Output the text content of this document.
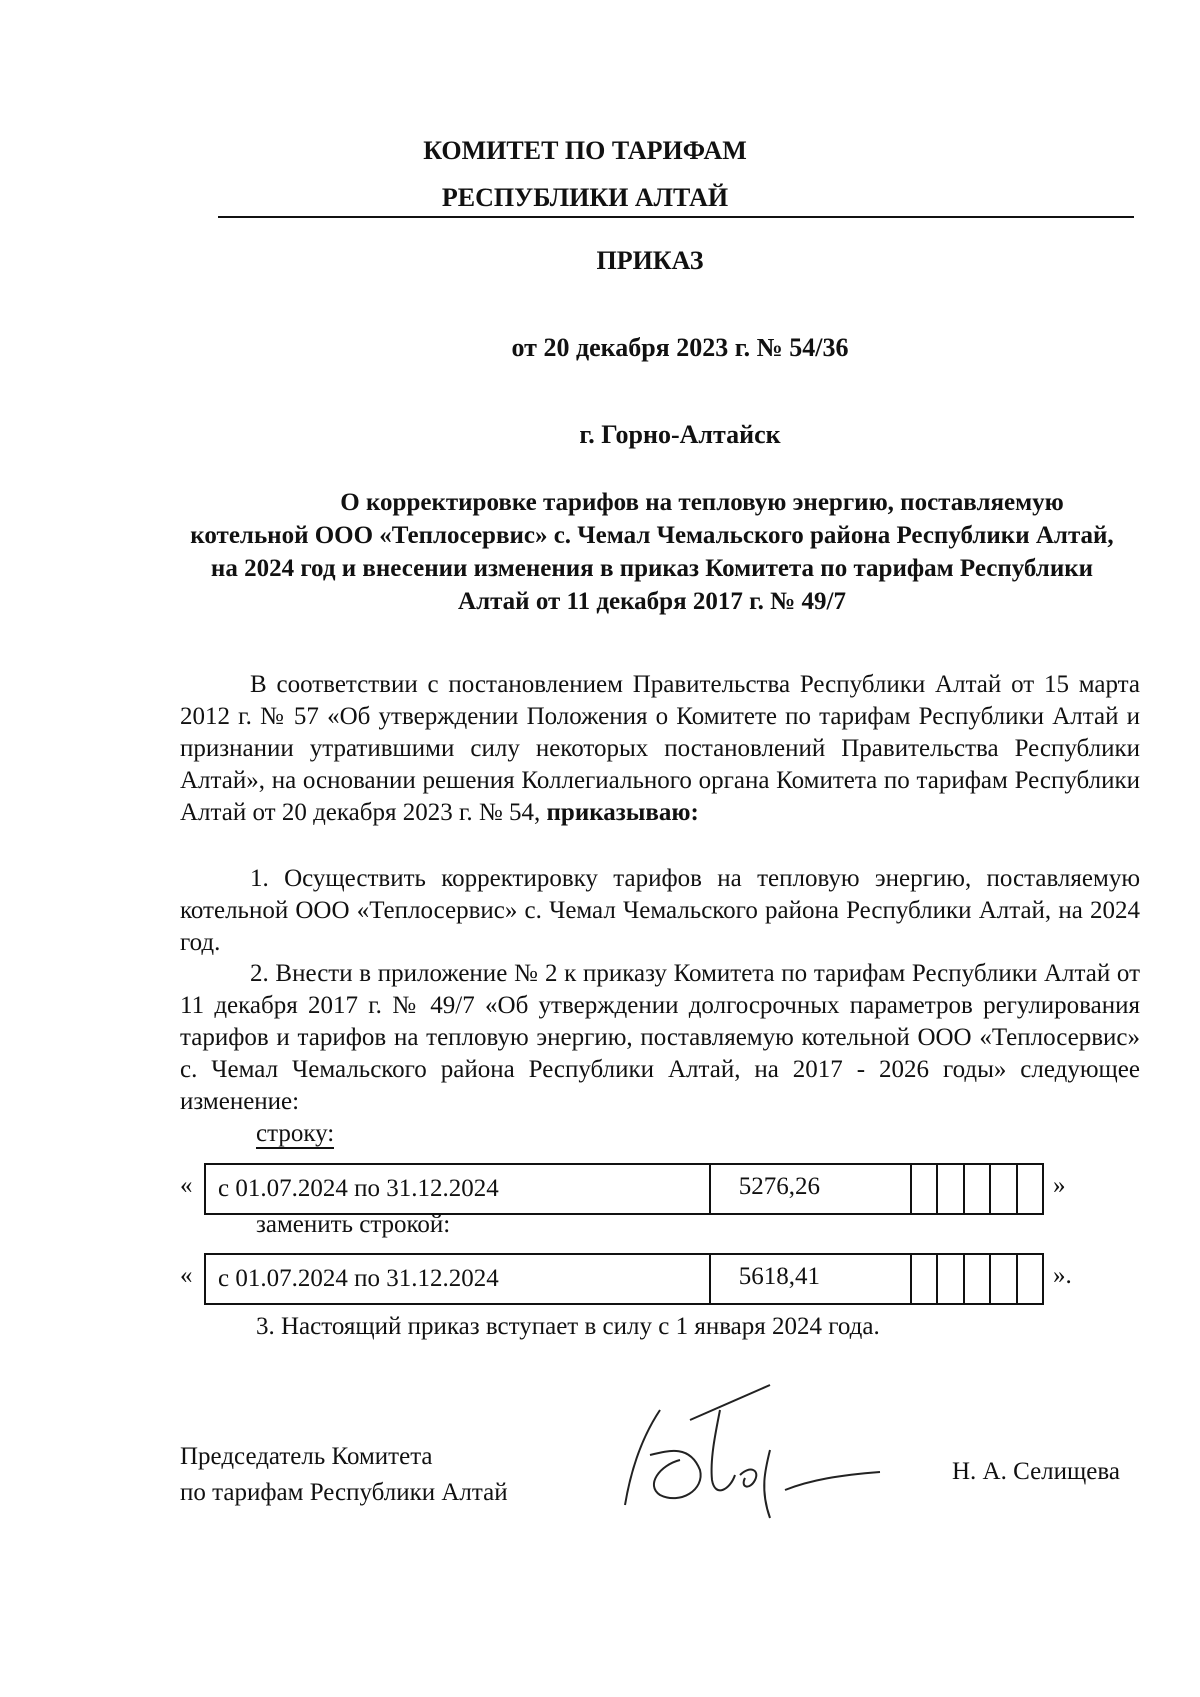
КОМИТЕТ ПО ТАРИФАМ
РЕСПУБЛИКИ АЛТАЙ
ПРИКАЗ
от 20 декабря 2023 г. № 54/36
г. Горно-Алтайск
О корректировке тарифов на тепловую энергию, поставляемую котельной ООО «Теплосервис» с. Чемал Чемальского района Республики Алтай, на 2024 год и внесении изменения в приказ Комитета по тарифам Республики Алтай от 11 декабря 2017 г. № 49/7
В соответствии с постановлением Правительства Республики Алтай от 15 марта 2012 г. № 57 «Об утверждении Положения о Комитете по тарифам Республики Алтай и признании утратившими силу некоторых постановлений Правительства Республики Алтай», на основании решения Коллегиального органа Комитета по тарифам Республики Алтай от 20 декабря 2023 г. № 54, приказываю:
1. Осуществить корректировку тарифов на тепловую энергию, поставляемую котельной ООО «Теплосервис» с. Чемал Чемальского района Республики Алтай, на 2024 год.
2. Внести в приложение № 2 к приказу Комитета по тарифам Республики Алтай от 11 декабря 2017 г. № 49/7 «Об утверждении долгосрочных параметров регулирования тарифов и тарифов на тепловую энергию, поставляемую котельной ООО «Теплосервис» с. Чемал Чемальского района Республики Алтай, на 2017 - 2026 годы» следующее изменение:
строку:
«	с 01.07.2024 по 31.12.2024	5276,26	»
заменить строкой:
«	с 01.07.2024 по 31.12.2024	5618,41	».
3. Настоящий приказ вступает в силу с 1 января 2024 года.
Председатель Комитета
по тарифам Республики Алтай
Н. А. Селищева
